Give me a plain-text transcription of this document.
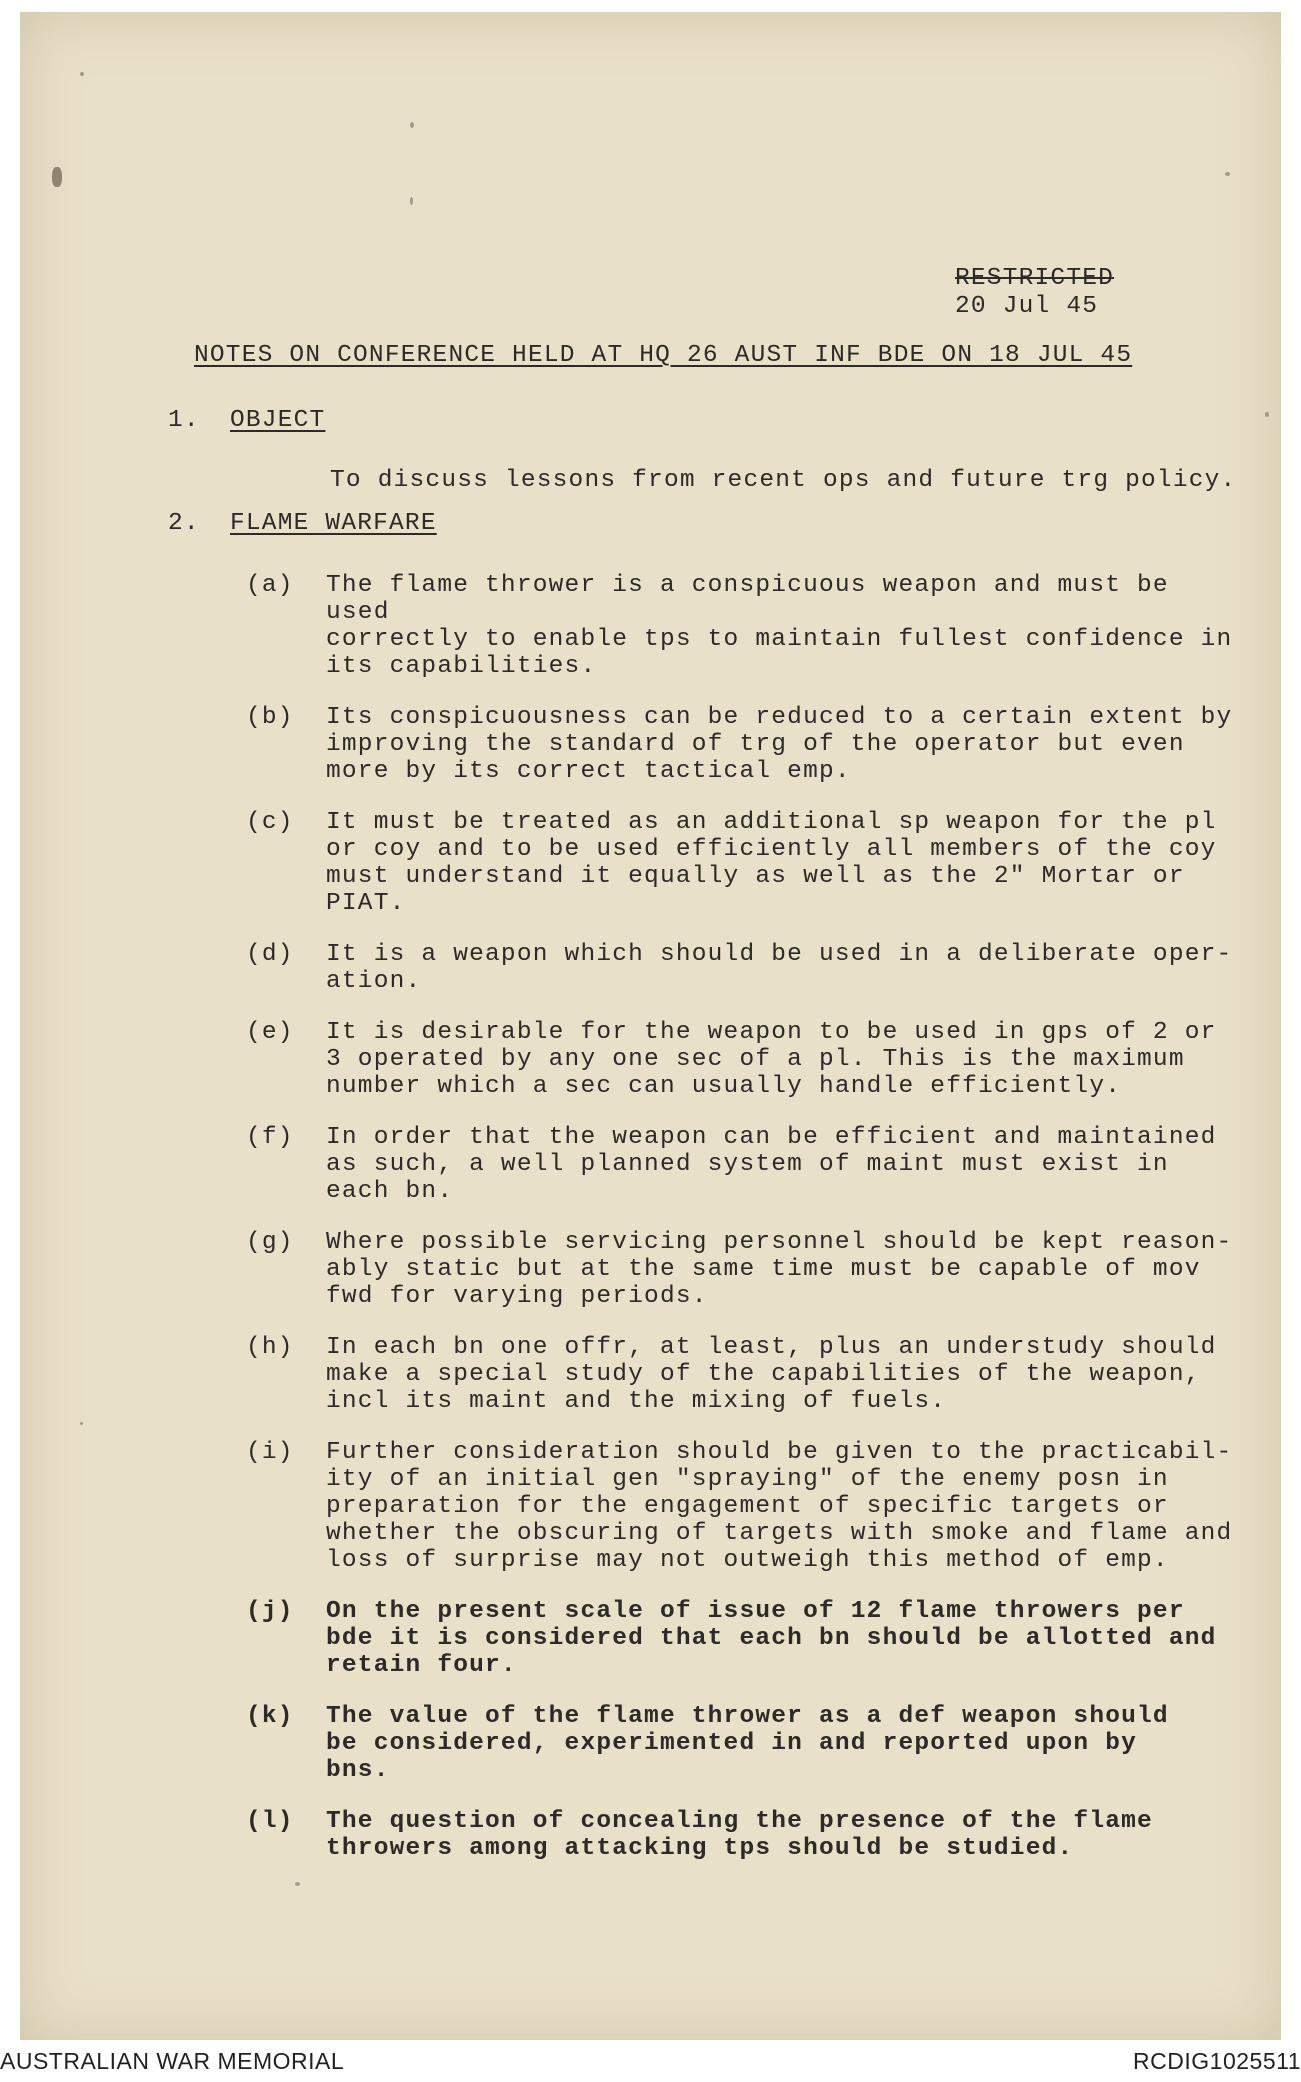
RESTRICTED
20 Jul 45
NOTES ON CONFERENCE HELD AT HQ 26 AUST INF BDE ON 18 JUL 45
1. OBJECT
To discuss lessons from recent ops and future trg policy.
2. FLAME WARFARE
(a)	The flame thrower is a conspicuous weapon and must be used
correctly to enable tps to maintain fullest confidence in
its capabilities.
(b)	Its conspicuousness can be reduced to a certain extent by
improving the standard of trg of the operator but even
more by its correct tactical emp.
(c)	It must be treated as an additional sp weapon for the pl
or coy and to be used efficiently all members of the coy
must understand it equally as well as the 2" Mortar or
PIAT.
(d)	It is a weapon which should be used in a deliberate oper-
ation.
(e)	It is desirable for the weapon to be used in gps of 2 or
3 operated by any one sec of a pl. This is the maximum
number which a sec can usually handle efficiently.
(f)	In order that the weapon can be efficient and maintained
as such, a well planned system of maint must exist in
each bn.
(g)	Where possible servicing personnel should be kept reason-
ably static but at the same time must be capable of mov
fwd for varying periods.
(h)	In each bn one offr, at least, plus an understudy should
make a special study of the capabilities of the weapon,
incl its maint and the mixing of fuels.
(i)	Further consideration should be given to the practicabil-
ity of an initial gen "spraying" of the enemy posn in
preparation for the engagement of specific targets or
whether the obscuring of targets with smoke and flame and
loss of surprise may not outweigh this method of emp.
(j)	On the present scale of issue of 12 flame throwers per
bde it is considered that each bn should be allotted and
retain four.
(k)	The value of the flame thrower as a def weapon should
be considered, experimented in and reported upon by
bns.
(l)	The question of concealing the presence of the flame
throwers among attacking tps should be studied.
AUSTRALIAN WAR MEMORIAL	RCDIG1025511
